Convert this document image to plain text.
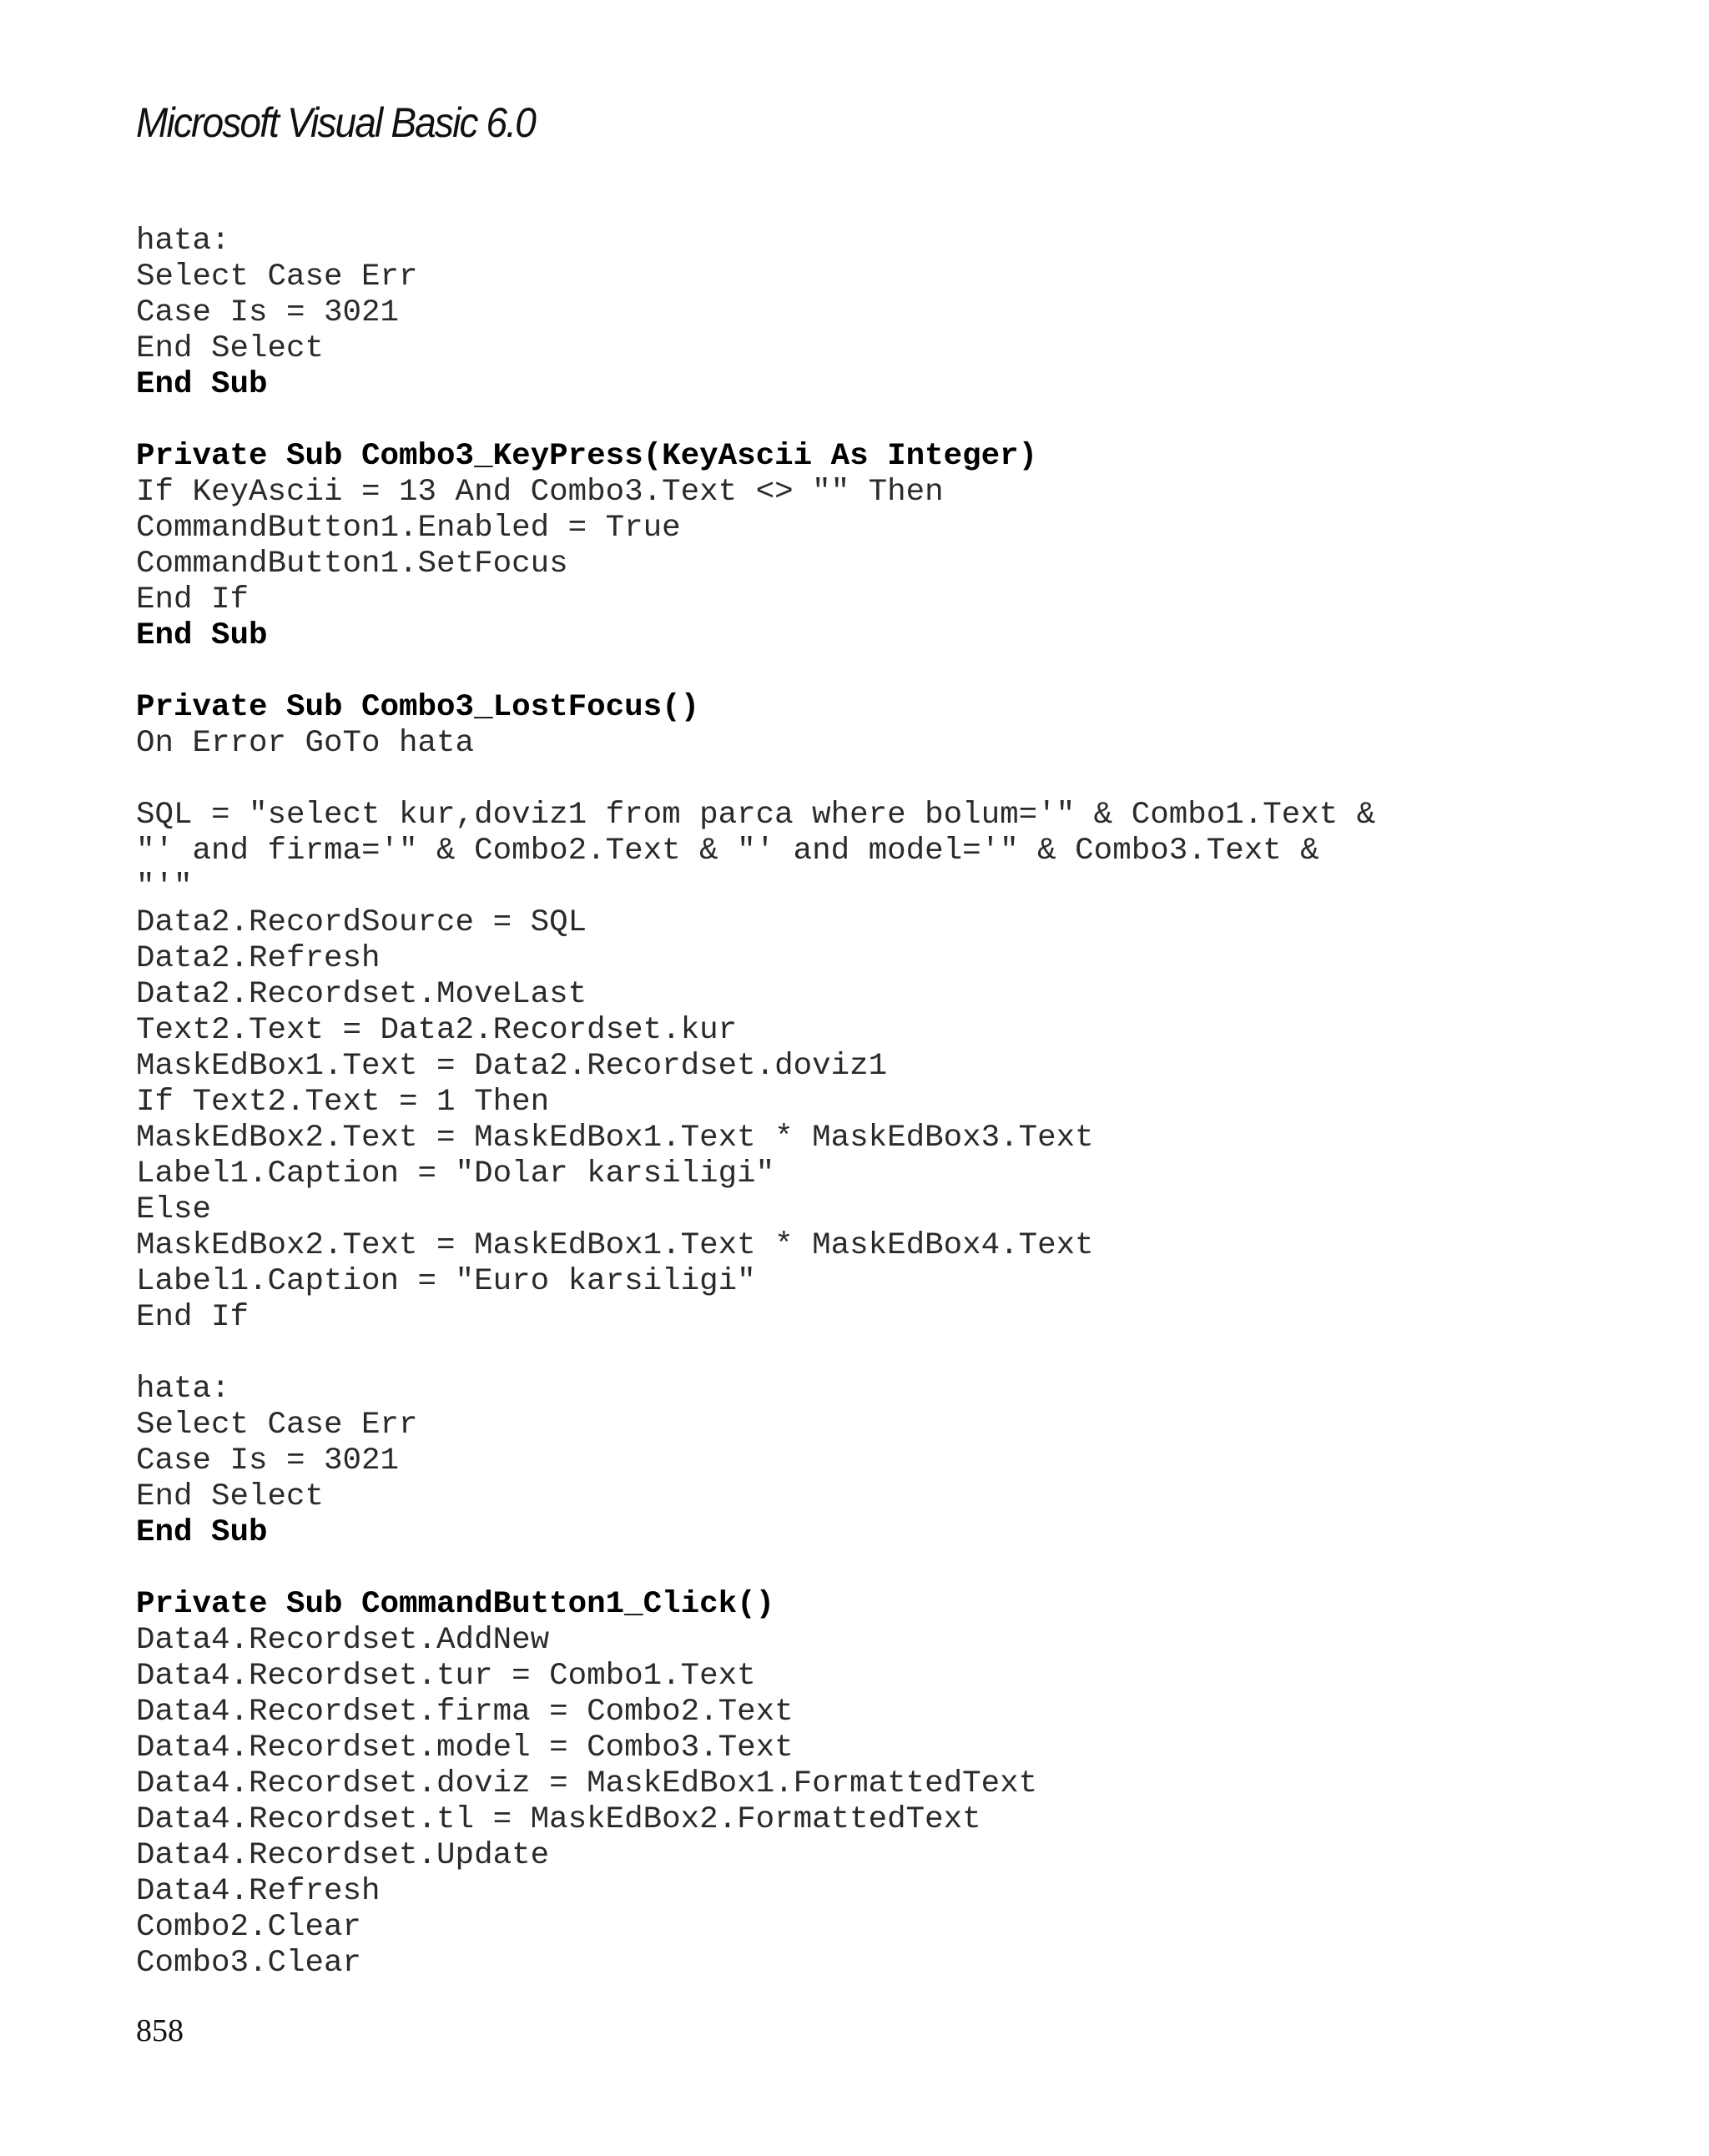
Microsoft Visual Basic 6.0
hata:
Select Case Err
Case Is = 3021
End Select
End Sub
Private Sub Combo3_KeyPress(KeyAscii As Integer)
If KeyAscii = 13 And Combo3.Text <> "" Then
CommandButton1.Enabled = True
CommandButton1.SetFocus
End If
End Sub
Private Sub Combo3_LostFocus()
On Error GoTo hata
SQL = "select kur,doviz1 from parca where bolum='" & Combo1.Text &
"' and firma='" & Combo2.Text & "' and model='" & Combo3.Text &
"'"
Data2.RecordSource = SQL
Data2.Refresh
Data2.Recordset.MoveLast
Text2.Text = Data2.Recordset.kur
MaskEdBox1.Text = Data2.Recordset.doviz1
If Text2.Text = 1 Then
MaskEdBox2.Text = MaskEdBox1.Text * MaskEdBox3.Text
Label1.Caption = "Dolar karsiligi"
Else
MaskEdBox2.Text = MaskEdBox1.Text * MaskEdBox4.Text
Label1.Caption = "Euro karsiligi"
End If
hata:
Select Case Err
Case Is = 3021
End Select
End Sub
Private Sub CommandButton1_Click()
Data4.Recordset.AddNew
Data4.Recordset.tur = Combo1.Text
Data4.Recordset.firma = Combo2.Text
Data4.Recordset.model = Combo3.Text
Data4.Recordset.doviz = MaskEdBox1.FormattedText
Data4.Recordset.tl = MaskEdBox2.FormattedText
Data4.Recordset.Update
Data4.Refresh
Combo2.Clear
Combo3.Clear
858
